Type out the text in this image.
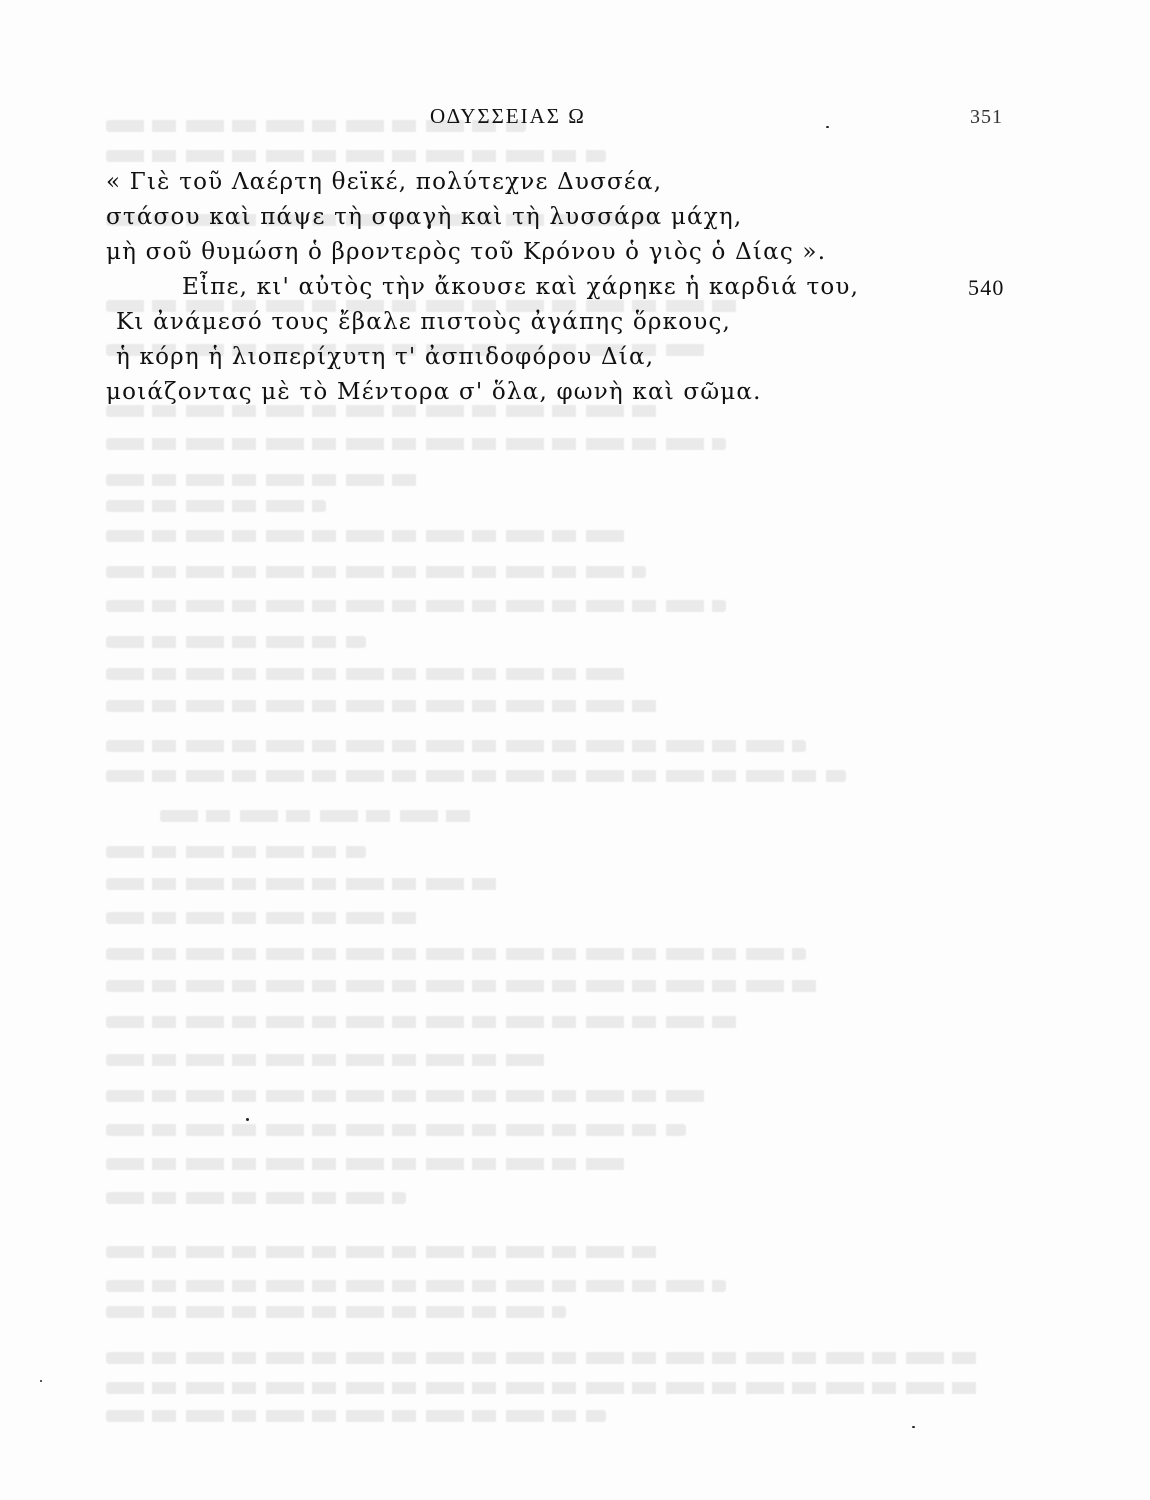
ΟΔΥΣΣΕΙΑΣ Ω	351
« Γιὲ τοῦ Λαέρτη θεϊκέ, πολύτεχνε Δυσσέα,
στάσου καὶ πάψε τὴ σφαγὴ καὶ τὴ λυσσάρα μάχη,
μὴ σοῦ θυμώση ὁ βροντερὸς τοῦ Κρόνου ὁ γιὸς ὁ Δίας ».
Εἶπε, κι' αὐτὸς τὴν ἄκουσε καὶ χάρηκε ἡ καρδιά του,	540
Κι ἀνάμεσό τους ἔβαλε πιστοὺς ἀγάπης ὅρκους,
ἡ κόρη ἡ λιοπερίχυτη τ' ἀσπιδοφόρου Δία,
μοιάζοντας μὲ τὸ Μέντορα σ' ὅλα, φωνὴ καὶ σῶμα.
